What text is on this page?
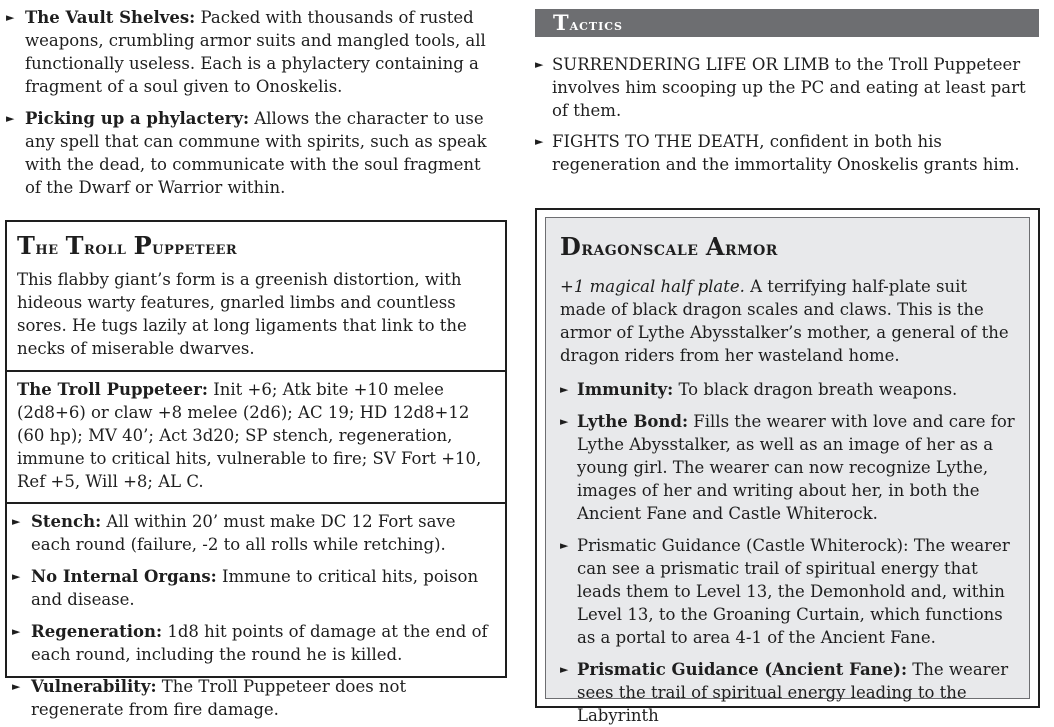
► The Vault Shelves: Packed with thousands of rusted weapons, crumbling armor suits and mangled tools, all functionally useless. Each is a phylactery containing a fragment of a soul given to Onoskelis.

► Picking up a phylactery: Allows the character to use any spell that can commune with spirits, such as speak with the dead, to communicate with the soul fragment of the Dwarf or Warrior within.

Tactics

► SURRENDERING LIFE OR LIMB to the Troll Puppeteer involves him scooping up the PC and eating at least part of them.

► FIGHTS TO THE DEATH, confident in both his regeneration and the immortality Onoskelis grants him.

The Troll Puppeteer

This flabby giant’s form is a greenish distortion, with hideous warty features, gnarled limbs and countless sores. He tugs lazily at long ligaments that link to the necks of miserable dwarves.

The Troll Puppeteer: Init +6; Atk bite +10 melee (2d8+6) or claw +8 melee (2d6); AC 19; HD 12d8+12 (60 hp); MV 40’; Act 3d20; SP stench, regeneration, immune to critical hits, vulnerable to fire; SV Fort +10, Ref +5, Will +8; AL C.

► Stench: All within 20’ must make DC 12 Fort save each round (failure, -2 to all rolls while retching).

► No Internal Organs: Immune to critical hits, poison and disease.

► Regeneration: 1d8 hit points of damage at the end of each round, including the round he is killed.

► Vulnerability: The Troll Puppeteer does not regenerate from fire damage.

Dragonscale Armor

+1 magical half plate. A terrifying half-plate suit made of black dragon scales and claws. This is the armor of Lythe Abysstalker’s mother, a general of the dragon riders from her wasteland home.

► Immunity: To black dragon breath weapons.

► Lythe Bond: Fills the wearer with love and care for Lythe Abysstalker, as well as an image of her as a young girl. The wearer can now recognize Lythe, images of her and writing about her, in both the Ancient Fane and Castle Whiterock.

► Prismatic Guidance (Castle Whiterock): The wearer can see a prismatic trail of spiritual energy that leads them to Level 13, the Demonhold and, within Level 13, to the Groaning Curtain, which functions as a portal to area 4-1 of the Ancient Fane.

► Prismatic Guidance (Ancient Fane): The wearer sees the trail of spiritual energy leading to the Labyrinth
